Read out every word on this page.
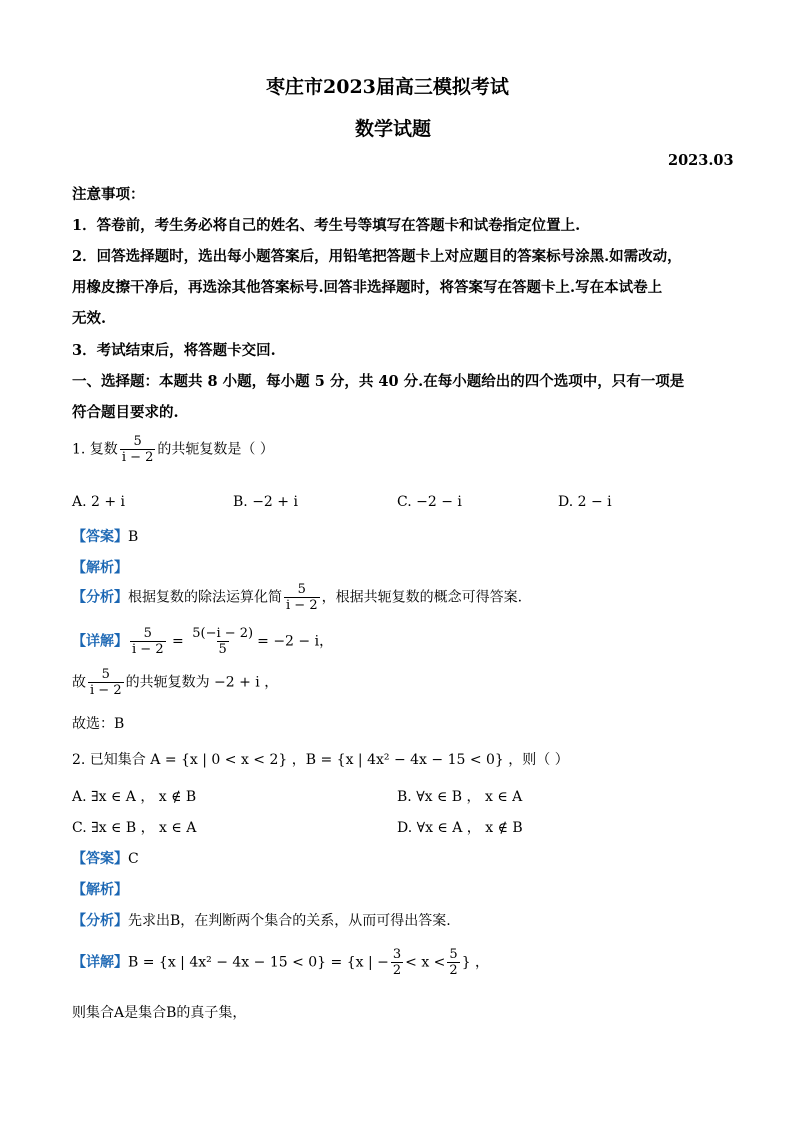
枣庄市2023届高三模拟考试
数学试题
2023.03
注意事项：
1．答卷前，考生务必将自己的姓名、考生号等填写在答题卡和试卷指定位置上.
2．回答选择题时，选出每小题答案后，用铅笔把答题卡上对应题目的答案标号涂黑.如需改动，
用橡皮擦干净后，再选涂其他答案标号.回答非选择题时，将答案写在答题卡上.写在本试卷上
无效.
3．考试结束后，将答题卡交回.
一、选择题：本题共 8 小题，每小题 5 分，共 40 分.在每小题给出的四个选项中，只有一项是
符合题目要求的.
1. 复数 $\frac{5}{i - 2}$ 的共轭复数是（ ）
A. 2 + i	B. −2 + i	C. −2 − i	D. 2 − i
【答案】B
【解析】
【分析】根据复数的除法运算化简 $\frac{5}{i - 2}$ ，根据共轭复数的概念可得答案.
【详解】 $\frac{5}{i - 2} = \frac{5(-i - 2)}{5} = -2 - i$，
故 $\frac{5}{i - 2}$ 的共轭复数为 −2 + i ，
故选：B
2. 已知集合 A = {x | 0 < x < 2} ，B = {x | 4x² − 4x − 15 < 0} ，则（ ）
A. ∃x ∈ A ， x ∉ B	B. ∀x ∈ B ， x ∈ A
C. ∃x ∈ B ， x ∈ A	D. ∀x ∈ A ， x ∉ B
【答案】C
【解析】
【分析】先求出B，在判断两个集合的关系，从而可得出答案.
【详解】B = {x | 4x² − 4x − 15 < 0} = {x | − $\frac{3}{2} < x < \frac{5}{2}$ } ，
则集合A是集合B的真子集，
